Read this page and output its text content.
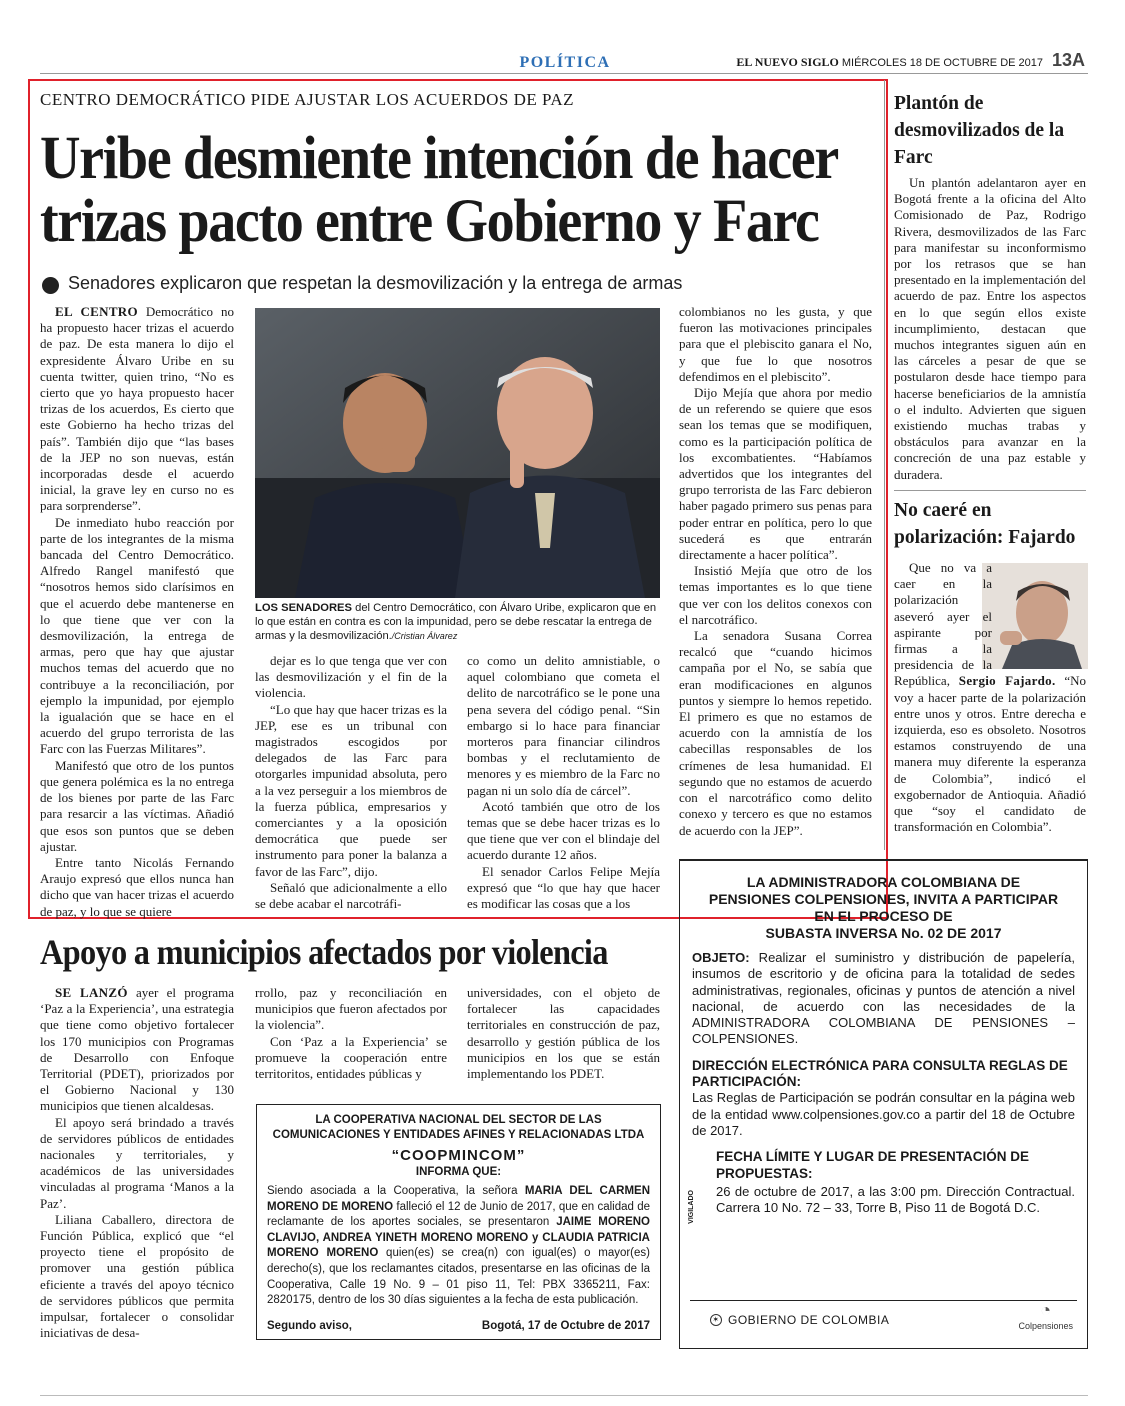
POLÍTICA	EL NUEVO SIGLO MIÉRCOLES 18 DE OCTUBRE DE 2017 13A
CENTRO DEMOCRÁTICO PIDE AJUSTAR LOS ACUERDOS DE PAZ
Uribe desmiente intención de hacer
trizas pacto entre Gobierno y Farc
Senadores explicaron que respetan la desmovilización y la entrega de armas

EL CENTRO Democrático no ha propuesto hacer trizas el acuerdo de paz. De esta manera lo dijo el expresidente Álvaro Uribe en su cuenta twitter, quien trino, “No es cierto que yo haya propuesto hacer trizas de los acuerdos, Es cierto que este Gobierno ha hecho trizas del país”. También dijo que “las bases de la JEP no son nuevas, están incorporadas desde el acuerdo inicial, la grave ley en curso no es para sorprenderse”.

De inmediato hubo reacción por parte de los integrantes de la misma bancada del Centro Democrático. Alfredo Rangel manifestó que “nosotros hemos sido clarísimos en que el acuerdo debe mantenerse en lo que tiene que ver con la desmovilización, la entrega de armas, pero que hay que ajustar muchos temas del acuerdo que no contribuye a la reconciliación, por ejemplo la impunidad, por ejemplo la igualación que se hace en el acuerdo del grupo terrorista de las Farc con las Fuerzas Militares”.

Manifestó que otro de los puntos que genera polémica es la no entrega de los bienes por parte de las Farc para resarcir a las víctimas. Añadió que esos son puntos que se deben ajustar.

Entre tanto Nicolás Fernando Araujo expresó que ellos nunca han dicho que van hacer trizas el acuerdo de paz, y lo que se quiere

LOS SENADORES del Centro Democrático, con Álvaro Uribe, explicaron que en lo que están en contra es con la impunidad, pero se debe rescatar la entrega de armas y la desmovilización./Cristian Álvarez

dejar es lo que tenga que ver con las desmovilización y el fin de la violencia.

“Lo que hay que hacer trizas es la JEP, ese es un tribunal con magistrados escogidos por delegados de las Farc para otorgarles impunidad absoluta, pero a la vez perseguir a los miembros de la fuerza pública, empresarios y comerciantes y a la oposición democrática que puede ser instrumento para poner la balanza a favor de las Farc”, dijo.

Señaló que adicionalmente a ello se debe acabar el narcotráfi-

co como un delito amnistiable, o aquel colombiano que cometa el delito de narcotráfico se le pone una pena severa del código penal. “Sin embargo si lo hace para financiar morteros para financiar cilindros bombas y el reclutamiento de menores y es miembro de la Farc no pagan ni un solo día de cárcel”.

Acotó también que otro de los temas que se debe hacer trizas es lo que tiene que ver con el blindaje del acuerdo durante 12 años.

El senador Carlos Felipe Mejía expresó que “lo que hay que hacer es modificar las cosas que a los

colombianos no les gusta, y que fueron las motivaciones principales para que el plebiscito ganara el No, y que fue lo que nosotros defendimos en el plebiscito”.

Dijo Mejía que ahora por medio de un referendo se quiere que esos sean los temas que se modifiquen, como es la participación política de los excombatientes. “Habíamos advertidos que los integrantes del grupo terrorista de las Farc debieron haber pagado primero sus penas para poder entrar en política, pero lo que sucederá es que entrarán directamente a hacer política”.

Insistió Mejía que otro de los temas importantes es lo que tiene que ver con los delitos conexos con el narcotráfico.

La senadora Susana Correa recalcó que “cuando hicimos campaña por el No, se sabía que eran modificaciones en algunos puntos y siempre lo hemos repetido. El primero es que no estamos de acuerdo con la amnistía de los cabecillas responsables de los crímenes de lesa humanidad. El segundo que no estamos de acuerdo con el narcotráfico como delito conexo y tercero es que no estamos de acuerdo con la JEP”.

Plantón de desmovilizados de la Farc
Un plantón adelantaron ayer en Bogotá frente a la oficina del Alto Comisionado de Paz, Rodrigo Rivera, desmovilizados de las Farc para manifestar su inconformismo por los retrasos que se han presentado en la implementación del acuerdo de paz. Entre los aspectos en lo que según ellos existe incumplimiento, destacan que muchos integrantes siguen aún en las cárceles a pesar de que se postularon desde hace tiempo para hacerse beneficiarios de la amnistía o el indulto. Advierten que siguen existiendo muchas trabas y obstáculos para avanzar en la concreción de una paz estable y duradera.
No caeré en polarización: Fajardo
Que no va a caer en la polarización aseveró ayer el aspirante por firmas a la presidencia de la República, Sergio Fajardo. “No voy a hacer parte de la polarización entre unos y otros. Entre derecha e izquierda, eso es obsoleto. Nosotros estamos construyendo de una manera muy diferente la esperanza de Colombia”, indicó el exgobernador de Antioquia. Añadió que “soy el candidato de transformación en Colombia”.
Apoyo a municipios afectados por violencia

SE LANZÓ ayer el programa ‘Paz a la Experiencia’, una estrategia que tiene como objetivo fortalecer los 170 municipios con Programas de Desarrollo con Enfoque Territorial (PDET), priorizados por el Gobierno Nacional y 130 municipios que tienen alcaldesas.

El apoyo será brindado a través de servidores públicos de entidades nacionales y territoriales, y académicos de las universidades vinculadas al programa ‘Manos a la Paz’.

Liliana Caballero, directora de Función Pública, explicó que “el proyecto tiene el propósito de promover una gestión pública eficiente a través del apoyo técnico de servidores públicos que permita impulsar, fortalecer o consolidar iniciativas de desa-

rrollo, paz y reconciliación en municipios que fueron afectados por la violencia”.

Con ‘Paz a la Experiencia’ se promueve la cooperación entre territoritos, entidades públicas y

universidades, con el objeto de fortalecer las capacidades territoriales en construcción de paz, desarrollo y gestión pública de los municipios en los que se están implementando los PDET.

LA COOPERATIVA NACIONAL DEL SECTOR DE LAS
COMUNICACIONES Y ENTIDADES AFINES Y RELACIONADAS LTDA
“COOPMINCOM”
INFORMA QUE:
Siendo asociada a la Cooperativa, la señora MARIA DEL CARMEN MORENO DE MORENO falleció el 12 de Junio de 2017, que en calidad de reclamante de los aportes sociales, se presentaron JAIME MORENO CLAVIJO, ANDREA YINETH MORENO MORENO y CLAUDIA PATRICIA MORENO MORENO quien(es) se crea(n) con igual(es) o mayor(es) derecho(s), que los reclamantes citados, presentarse en las oficinas de la Cooperativa, Calle 19 No. 9 – 01 piso 11, Tel: PBX 3365211, Fax: 2820175, dentro de los 30 días siguientes a la fecha de esta publicación.
Segundo aviso,	Bogotá, 17 de Octubre de 2017
LA ADMINISTRADORA COLOMBIANA DE
PENSIONES COLPENSIONES, INVITA A PARTICIPAR
EN EL PROCESO DE
SUBASTA INVERSA No. 02 DE 2017
OBJETO: Realizar el suministro y distribución de papelería, insumos de escritorio y de oficina para la totalidad de sedes administrativas, regionales, oficinas y puntos de atención a nivel nacional, de acuerdo con las necesidades de la ADMINISTRADORA COLOMBIANA DE PENSIONES – COLPENSIONES.
DIRECCIÓN ELECTRÓNICA PARA CONSULTA REGLAS DE PARTICIPACIÓN:
Las Reglas de Participación se podrán consultar en la página web de la entidad www.colpensiones.gov.co a partir del 18 de Octubre de 2017.
FECHA LÍMITE Y LUGAR DE PRESENTACIÓN DE PROPUESTAS:
26 de octubre de 2017, a las 3:00 pm. Dirección Contractual. Carrera 10 No. 72 – 33, Torre B, Piso 11 de Bogotá D.C.
VIGILADO
✶ GOBIERNO DE COLOMBIA	◔
Colpensiones
